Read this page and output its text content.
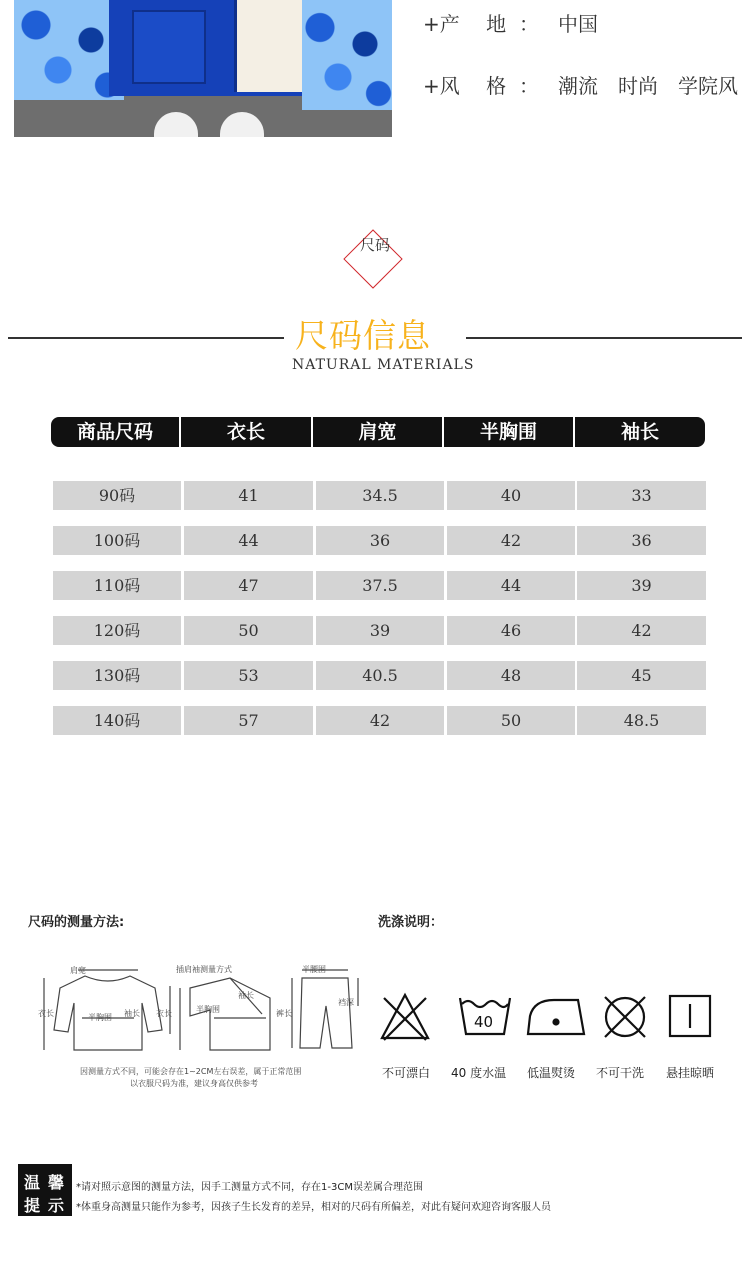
+产　 地 ： 中国
+风　 格 ： 潮流　时尚　学院风
尺码
尺码信息
NATURAL MATERIALS
商品尺码	衣长	肩宽	半胸围	袖长
90码	41	34.5	40	33
100码	44	36	42	36
110码	47	37.5	44	39
120码	50	39	46	42
130码	53	40.5	48	45
140码	57	42	50	48.5
尺码的测量方法:	洗涤说明：
肩宽	插肩袖测量方式	半腰围
衣长	半胸围 袖长 衣长	半胸围
袖长
裤长
裆深
因测量方式不同，可能会存在1~2CM左右误差，属于正常范围
以衣服尺码为准，建议身高仅供参考
40
不可漂白 40 度水温 低温熨烫 不可干洗 悬挂晾晒
温 馨
提 示
*请对照示意图的测量方法，因手工测量方式不同，存在1-3CM误差属合理范围
*体重身高测量只能作为参考，因孩子生长发育的差异，相对的尺码有所偏差，对此有疑问欢迎咨询客服人员
